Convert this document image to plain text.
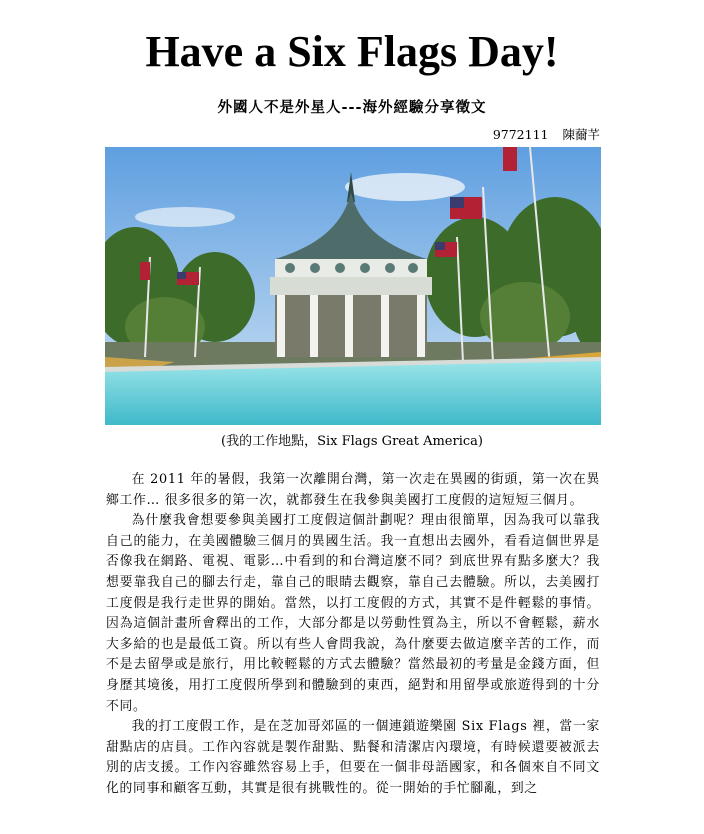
Have a Six Flags Day!
外國人不是外星人---海外經驗分享徵文
9772111 陳薾芊
(我的工作地點，Six Flags Great America)

在 2011 年的暑假，我第一次離開台灣，第一次走在異國的街頭，第一次在異鄉工作… 很多很多的第一次，就都發生在我參與美國打工度假的這短短三個月。

為什麼我會想要參與美國打工度假這個計劃呢？理由很簡單，因為我可以靠我自己的能力，在美國體驗三個月的異國生活。我一直想出去國外，看看這個世界是否像我在網路、電視、電影…中看到的和台灣這麼不同？到底世界有點多麼大？我想要靠我自己的腳去行走，靠自己的眼睛去觀察，靠自己去體驗。所以，去美國打工度假是我行走世界的開始。當然，以打工度假的方式，其實不是件輕鬆的事情。因為這個計畫所會釋出的工作，大部分都是以勞動性質為主，所以不會輕鬆，薪水大多給的也是最低工資。所以有些人會問我說，為什麼要去做這麼辛苦的工作，而不是去留學或是旅行，用比較輕鬆的方式去體驗？當然最初的考量是金錢方面，但身歷其境後，用打工度假所學到和體驗到的東西，絕對和用留學或旅遊得到的十分不同。

我的打工度假工作，是在芝加哥郊區的一個連鎖遊樂園 Six Flags 裡，當一家甜點店的店員。工作內容就是製作甜點、點餐和清潔店內環境，有時候還要被派去別的店支援。工作內容雖然容易上手，但要在一個非母語國家，和各個來自不同文化的同事和顧客互動，其實是很有挑戰性的。從一開始的手忙腳亂，到之
